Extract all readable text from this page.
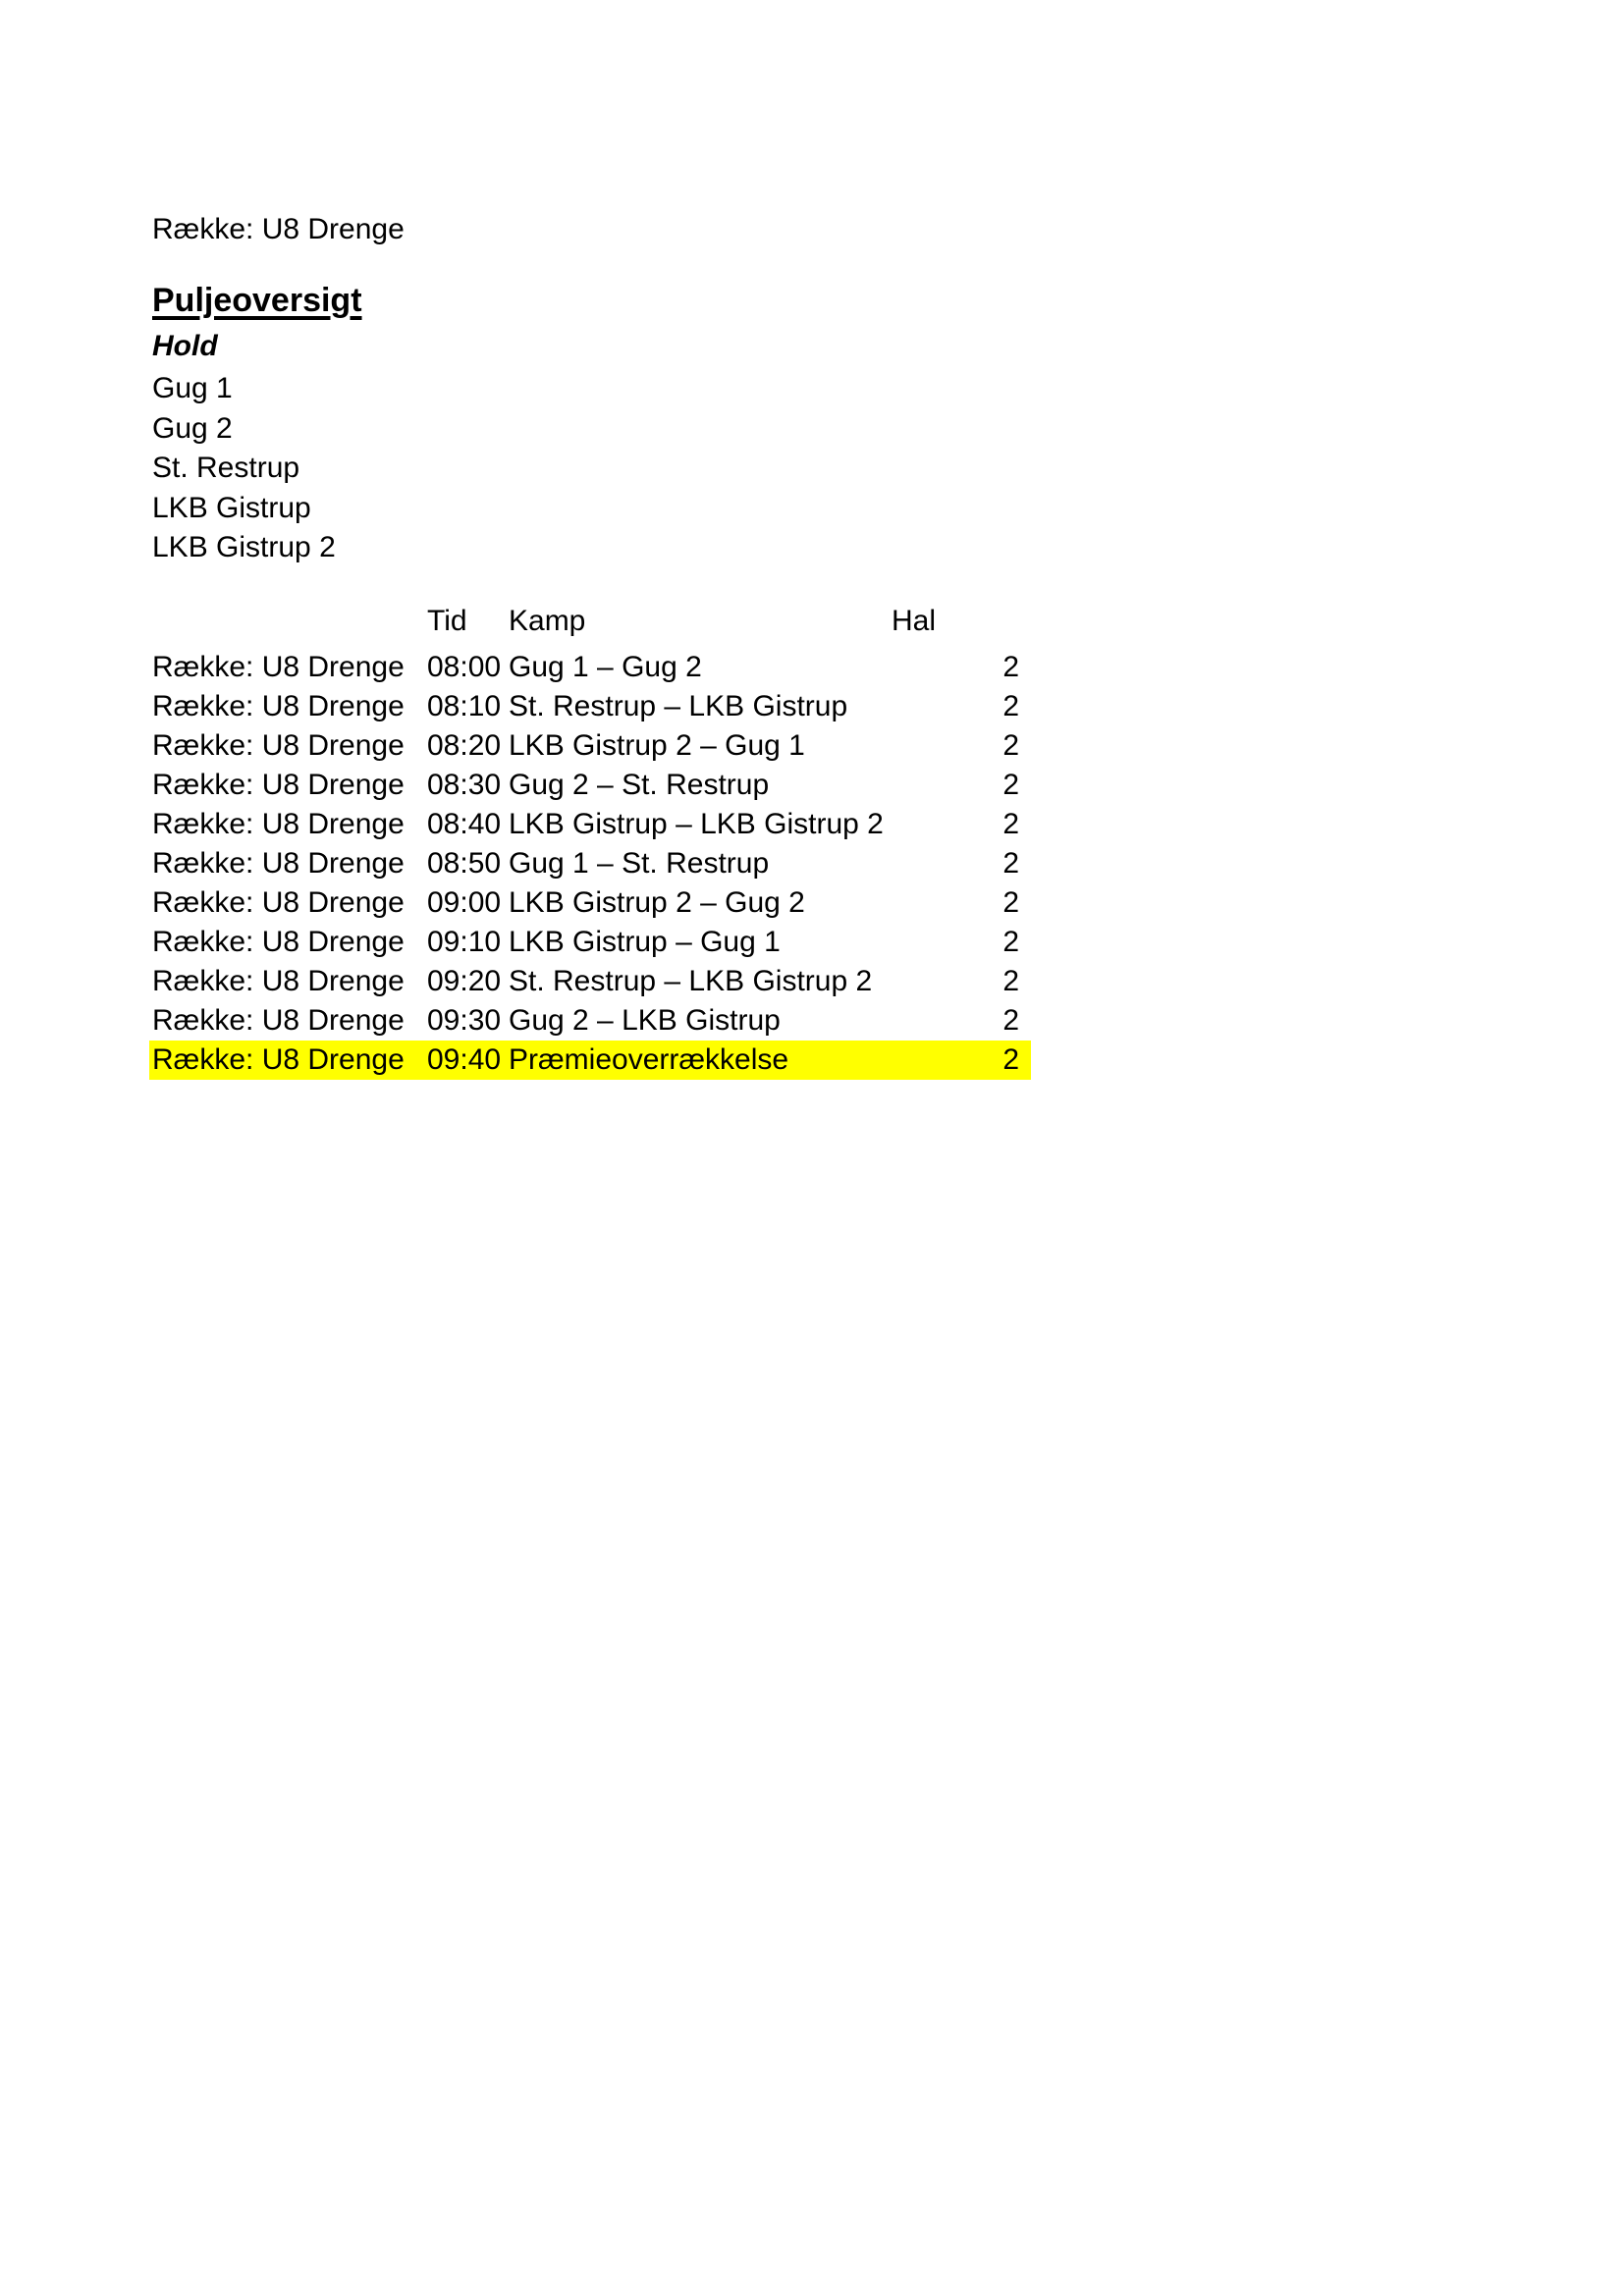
Række: U8 Drenge
Puljeoversigt
Hold
Gug 1
Gug 2
St. Restrup
LKB Gistrup
LKB Gistrup 2
Tid	Kamp	Hal
Række: U8 Drenge 08:00 Gug 1 – Gug 2	2
Række: U8 Drenge 08:10 St. Restrup – LKB Gistrup	2
Række: U8 Drenge 08:20 LKB Gistrup 2 – Gug 1	2
Række: U8 Drenge 08:30 Gug 2 – St. Restrup	2
Række: U8 Drenge 08:40 LKB Gistrup – LKB Gistrup 2	2
Række: U8 Drenge 08:50 Gug 1 – St. Restrup	2
Række: U8 Drenge 09:00 LKB Gistrup 2 – Gug 2	2
Række: U8 Drenge 09:10 LKB Gistrup – Gug 1	2
Række: U8 Drenge 09:20 St. Restrup – LKB Gistrup 2	2
Række: U8 Drenge 09:30 Gug 2 – LKB Gistrup	2
Række: U8 Drenge 09:40 Præmieoverrækkelse	2
